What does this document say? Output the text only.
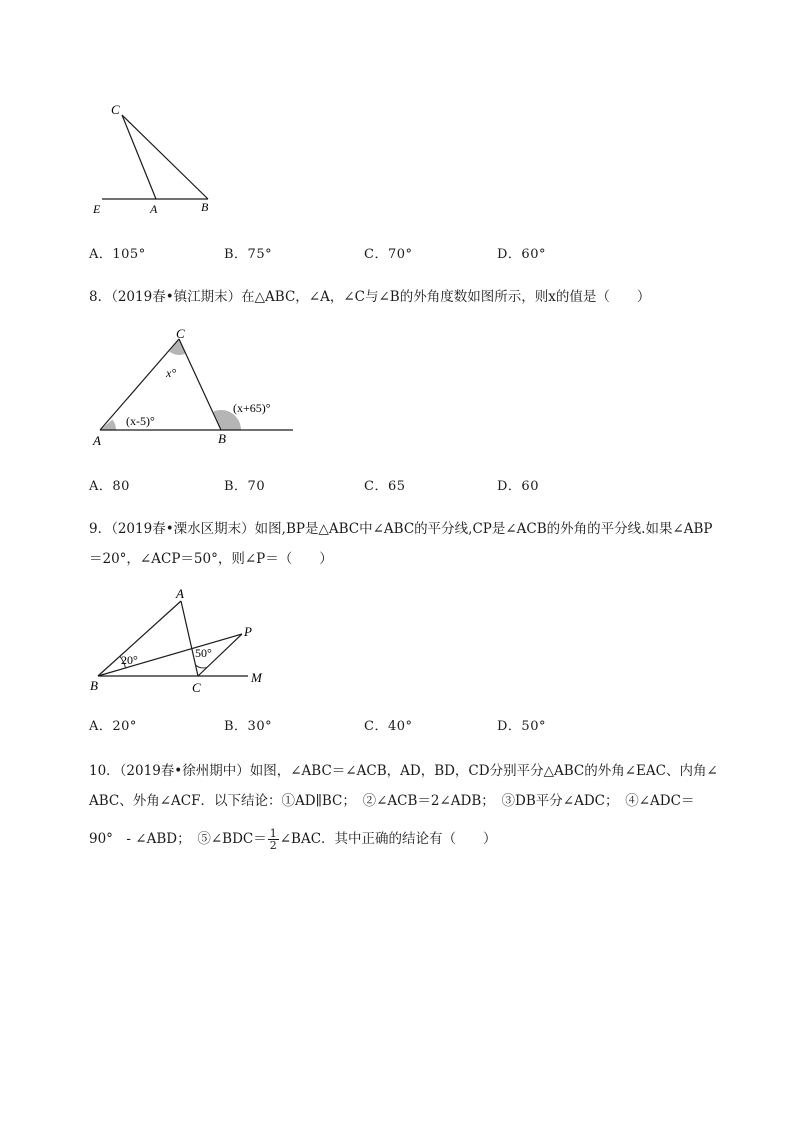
C
E	A	B
A．105°	B．75°	C．70°	D．60°
8．（2019春•镇江期末）在△ABC，∠A，∠C与∠B的外角度数如图所示，则x的值是（　　）
C
A	B
x°
(x-5)°
(x+65)°
A．80	B．70	C．65	D．60
9．（2019春•溧水区期末）如图,BP是△ABC中∠ABC的平分线,CP是∠ACB的外角的平分线.如果∠ABP
＝20°，∠ACP＝50°，则∠P＝（　　）
A
P
B	C
M
20°	50°
A．20°	B．30°	C．40°	D．50°
10．（2019春•徐州期中）如图，∠ABC＝∠ACB，AD，BD，CD分别平分△ABC的外角∠EAC、内角∠
ABC、外角∠ACF．以下结论：①AD∥BC；　②∠ACB＝2∠ADB；　③DB平分∠ADC；　④∠ADC＝
90°　- ∠ABD；　⑤∠BDC＝ $\frac{1}{2}$ ∠BAC．其中正确的结论有（　　）
